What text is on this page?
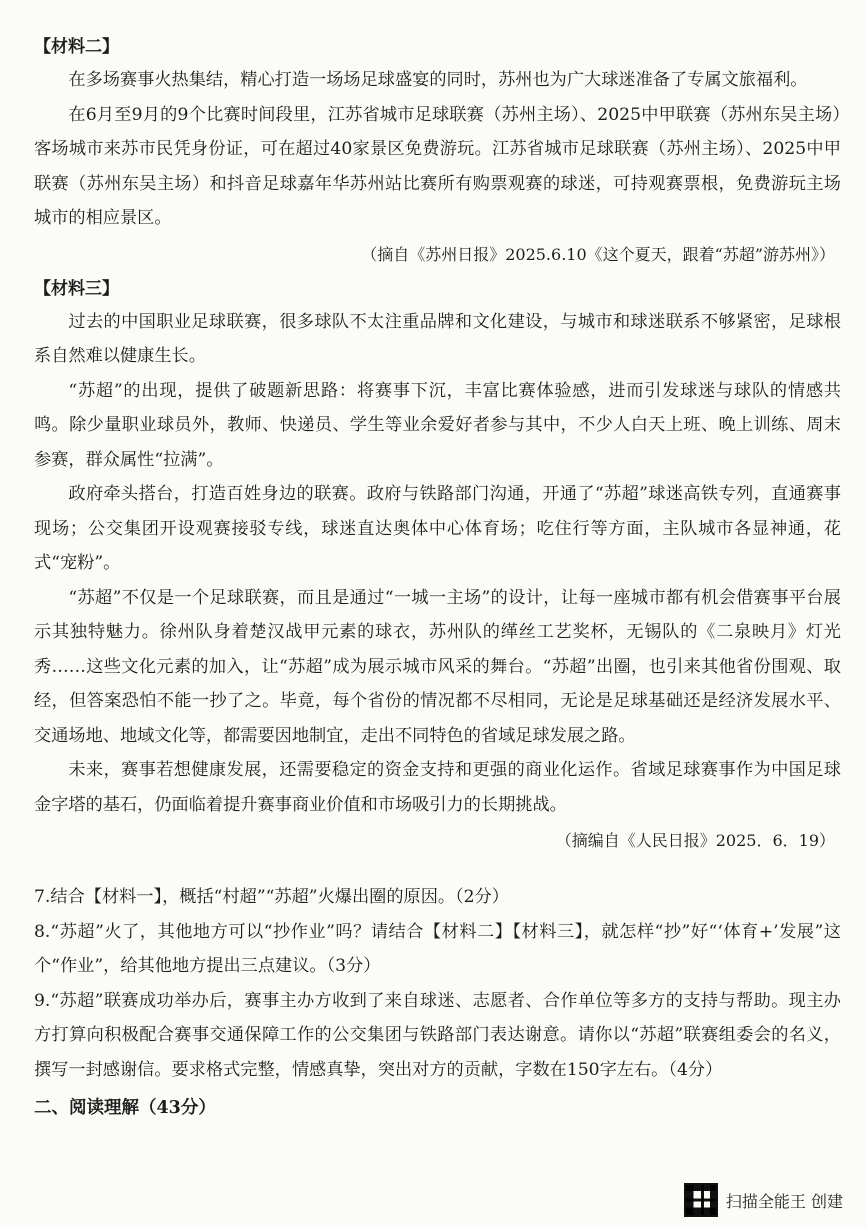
【材料二】

在多场赛事火热集结，精心打造一场场足球盛宴的同时，苏州也为广大球迷准备了专属文旅福利。

在6月至9月的9个比赛时间段里，江苏省城市足球联赛（苏州主场）、2025中甲联赛（苏州东吴主场）客场城市来苏市民凭身份证，可在超过40家景区免费游玩。江苏省城市足球联赛（苏州主场）、2025中甲联赛（苏州东吴主场）和抖音足球嘉年华苏州站比赛所有购票观赛的球迷，可持观赛票根，免费游玩主场城市的相应景区。

（摘自《苏州日报》2025.6.10《这个夏天，跟着“苏超”游苏州》）
【材料三】

过去的中国职业足球联赛，很多球队不太注重品牌和文化建设，与城市和球迷联系不够紧密，足球根系自然难以健康生长。

“苏超”的出现，提供了破题新思路：将赛事下沉，丰富比赛体验感，进而引发球迷与球队的情感共鸣。除少量职业球员外，教师、快递员、学生等业余爱好者参与其中，不少人白天上班、晚上训练、周末参赛，群众属性“拉满”。

政府牵头搭台，打造百姓身边的联赛。政府与铁路部门沟通，开通了“苏超”球迷高铁专列，直通赛事现场；公交集团开设观赛接驳专线，球迷直达奥体中心体育场；吃住行等方面，主队城市各显神通，花式“宠粉”。

“苏超”不仅是一个足球联赛，而且是通过“一城一主场”的设计，让每一座城市都有机会借赛事平台展示其独特魅力。徐州队身着楚汉战甲元素的球衣，苏州队的缂丝工艺奖杯，无锡队的《二泉映月》灯光秀……这些文化元素的加入，让“苏超”成为展示城市风采的舞台。“苏超”出圈，也引来其他省份围观、取经，但答案恐怕不能一抄了之。毕竟，每个省份的情况都不尽相同，无论是足球基础还是经济发展水平、交通场地、地域文化等，都需要因地制宜，走出不同特色的省域足球发展之路。

未来，赛事若想健康发展，还需要稳定的资金支持和更强的商业化运作。省域足球赛事作为中国足球金字塔的基石，仍面临着提升赛事商业价值和市场吸引力的长期挑战。

（摘编自《人民日报》2025．6．19）
7.结合【材料一】，概括“村超”“苏超”火爆出圈的原因。（2分）
8.“苏超”火了，其他地方可以“抄作业”吗？请结合【材料二】【材料三】，就怎样“抄”好“‘体育+’发展”这个“作业”，给其他地方提出三点建议。（3分）
9.“苏超”联赛成功举办后，赛事主办方收到了来自球迷、志愿者、合作单位等多方的支持与帮助。现主办方打算向积极配合赛事交通保障工作的公交集团与铁路部门表达谢意。请你以“苏超”联赛组委会的名义，撰写一封感谢信。要求格式完整，情感真挚，突出对方的贡献，字数在150字左右。（4分）
二、阅读理解（43分）
扫描全能王 创建
